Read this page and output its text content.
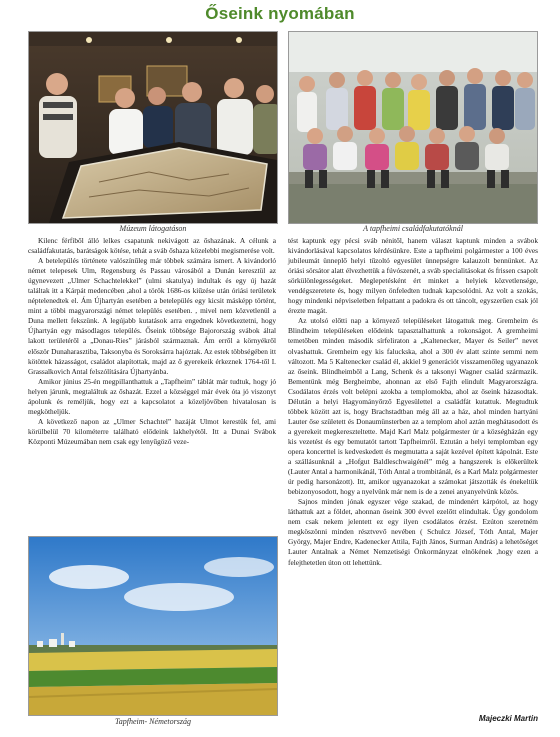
Őseink nyomában
Múzeum látogatáson	A tapfheimi családfakutatóknál

Kilenc férfiből álló lelkes csapatunk nekivágott az őshazának. A célunk a családfakutatás, barátságok kötése, tehát a sváb őshaza közelebbi megismerése volt.

A betelepülés története valószínűleg már többek számára ismert. A kivándorló német telepesek Ulm, Regensburg és Passau városából a Dunán keresztül az úgynevezett „Ulmer Schachtelekkel” (ulmi skatulya) indultak és egy új hazát találtak itt a Kárpát medencében ,ahol a török 1686-os kiűzése után óriási területek néptelenedtek el. Ám Újhartyán esetében a betelepülés egy kicsit másképp történt, mint a többi magyarországi német település esetében. , mivel nem közvetlenül a Duna mellett fekszünk. A legújabb kutatások arra engednek következtetni, hogy Újhartyán egy másodlagos település. Őseink többsége Bajorország svábok által lakott területéről a „Donau-Ries” járásból származnak. Ám erről a környékről először Dunaharasztiba, Taksonyba és Soroksárra hajóztak. Az estek többségében itt kötöttek házasságot, családot alapítottak, majd az ő gyerekeik érkeznek 1764-től I. Grassalkovich Antal felszólítására Újhartyánba.

Amikor június 25-én megpillanthattuk a „Tapfheim” táblát már tudtuk, hogy jó helyen járunk, megtaláltuk az őshazát. Ezzel a községgel már évek óta jó viszonyt ápolunk és reméljük, hogy ezt a kapcsolatot a közeljövőben hivatalosan is megkötheljük.

A következő napon az „Ulmer Schachtel” hazáját Ulmot kerestük fel, ami körülbelül 70 kilométerre található elődeink lakhelyétől. Itt a Dunai Svábok Központi Múzeumában nem csak egy lenyűgöző veze-

Tapfheim- Németország

tést kaptunk egy pécsi sváb nénitől, hanem választ kaptunk minden a svábok kivándorlásával kapcsolatos kérdésünkre. Este a tapfheimi polgármester a 100 éves jubileumát ünneplő helyi tűzoltó egyesület ünnepségre kalauzolt bennünket. Az óriási sörsátor alatt élvezhettük a fúvószenét, a sváb specialitásokat és frissen csapolt sörkülönlegességeket. Meglepetésként ért minket a helyiek közvetlensége, vendégszeretete és, hogy milyen önfeledten tudnak kapcsolódni. Az volt a szokás, hogy mindenki népviseletben felpattant a padokra és ott táncolt, egyszerűen csak jól érezte magát.

Az utolsó előtti nap a környező településeket látogattuk meg. Gremheim és Blindheim településeken elődeink tapasztalhattunk a rokonságot. A gremheimi temetőben minden második sírfeliraton a „Kaltenecker, Mayer és Seiler” nevet olvashattuk. Gremheim egy kis faluckska, ahol a 300 év alatt szinte semmi nem változott. Ma 5 Kaltenecker család él, akkiel 9 generációt visszamenőleg ugyanazok az őseink. Blindheimből a Lang, Schenk és a taksonyi Wagner család származik. Bementünk még Bergheimbe, ahonnan az első Fajth elindult Magyarországra. Csodálatos érzés volt belépni azokba a templomokba, ahol az őseink házasodtak. Délután a helyi Hagyományőrző Egyesülettel a családfát kutattuk. Megtudtuk többek között azt is, hogy Brachstadtban még áll az a ház, ahol minden hartyáni Lauter őse született és Donaumünsterben az a templom ahol aztán meghátasodott és a gyerekeit megkereszteltette. Majd Karl Malz polgármester úr a községházán egy kis vezetést és egy bemutatót tartott Tapfheimről. Eztután a helyi templomban egy opera koncerttel is kedveskedett és megmutatta a saját kezével épített kápolnát. Este a szállásunknál a „Hofgut Baldleschwaigénél” még a hangszerek is előkerültek (Lauter Antal a harmonikánál, Tóth Antal a trombitánál, és a Karl Malz polgármester úr pedig harsonázott). Itt, amikor ugyanazokat a számokat játszották és énekeltük bebizonyosodott, hogy a nyelvünk már nem is de a zenei anyanyelvünk közös.

Sajnos minden jónak egyszer vége szakad, de mindenért kárpótol, az hogy láthattuk azt a földet, ahonnan őseink 300 évvel ezelőtt elindultak. Úgy gondolom nem csak nekem jelentett ez egy ilyen csodálatos érzést. Ezúton szeretném megköszönni minden résztvevő nevében ( Schulcz József, Tóth Antal, Majer György, Majer Endre, Kadenecker Attila, Fajth János, Surman András) a lehetőséget Lauter Antalnak a Német Nemzetiségi Önkormányzat elnökének ,hogy ezen a felejthetetlen úton ott lehettünk.

Majeczki Martin
